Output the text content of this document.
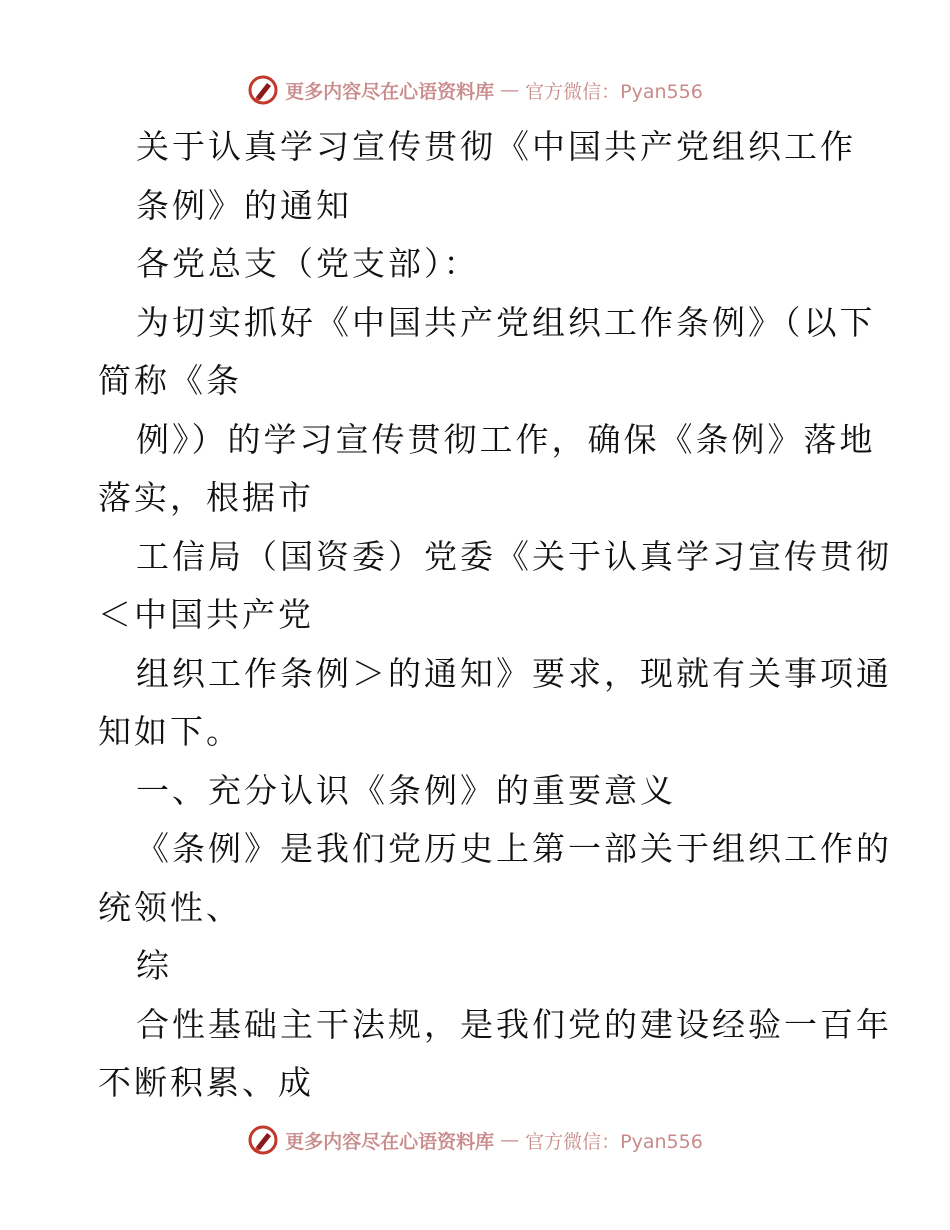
更多内容尽在心语资料库 — 官方微信：Pyan556
关于认真学习宣传贯彻《中国共产党组织工作
条例》的通知
各党总支（党支部）：
为切实抓好《中国共产党组织工作条例》（以下
简称《条
例》）的学习宣传贯彻工作，确保《条例》落地
落实，根据市
工信局（国资委）党委《关于认真学习宣传贯彻
＜中国共产党
组织工作条例＞的通知》要求，现就有关事项通
知如下。
一、充分认识《条例》的重要意义
《条例》是我们党历史上第一部关于组织工作的
统领性、
综
合性基础主干法规，是我们党的建设经验一百年
不断积累、成
更多内容尽在心语资料库 — 官方微信：Pyan556
